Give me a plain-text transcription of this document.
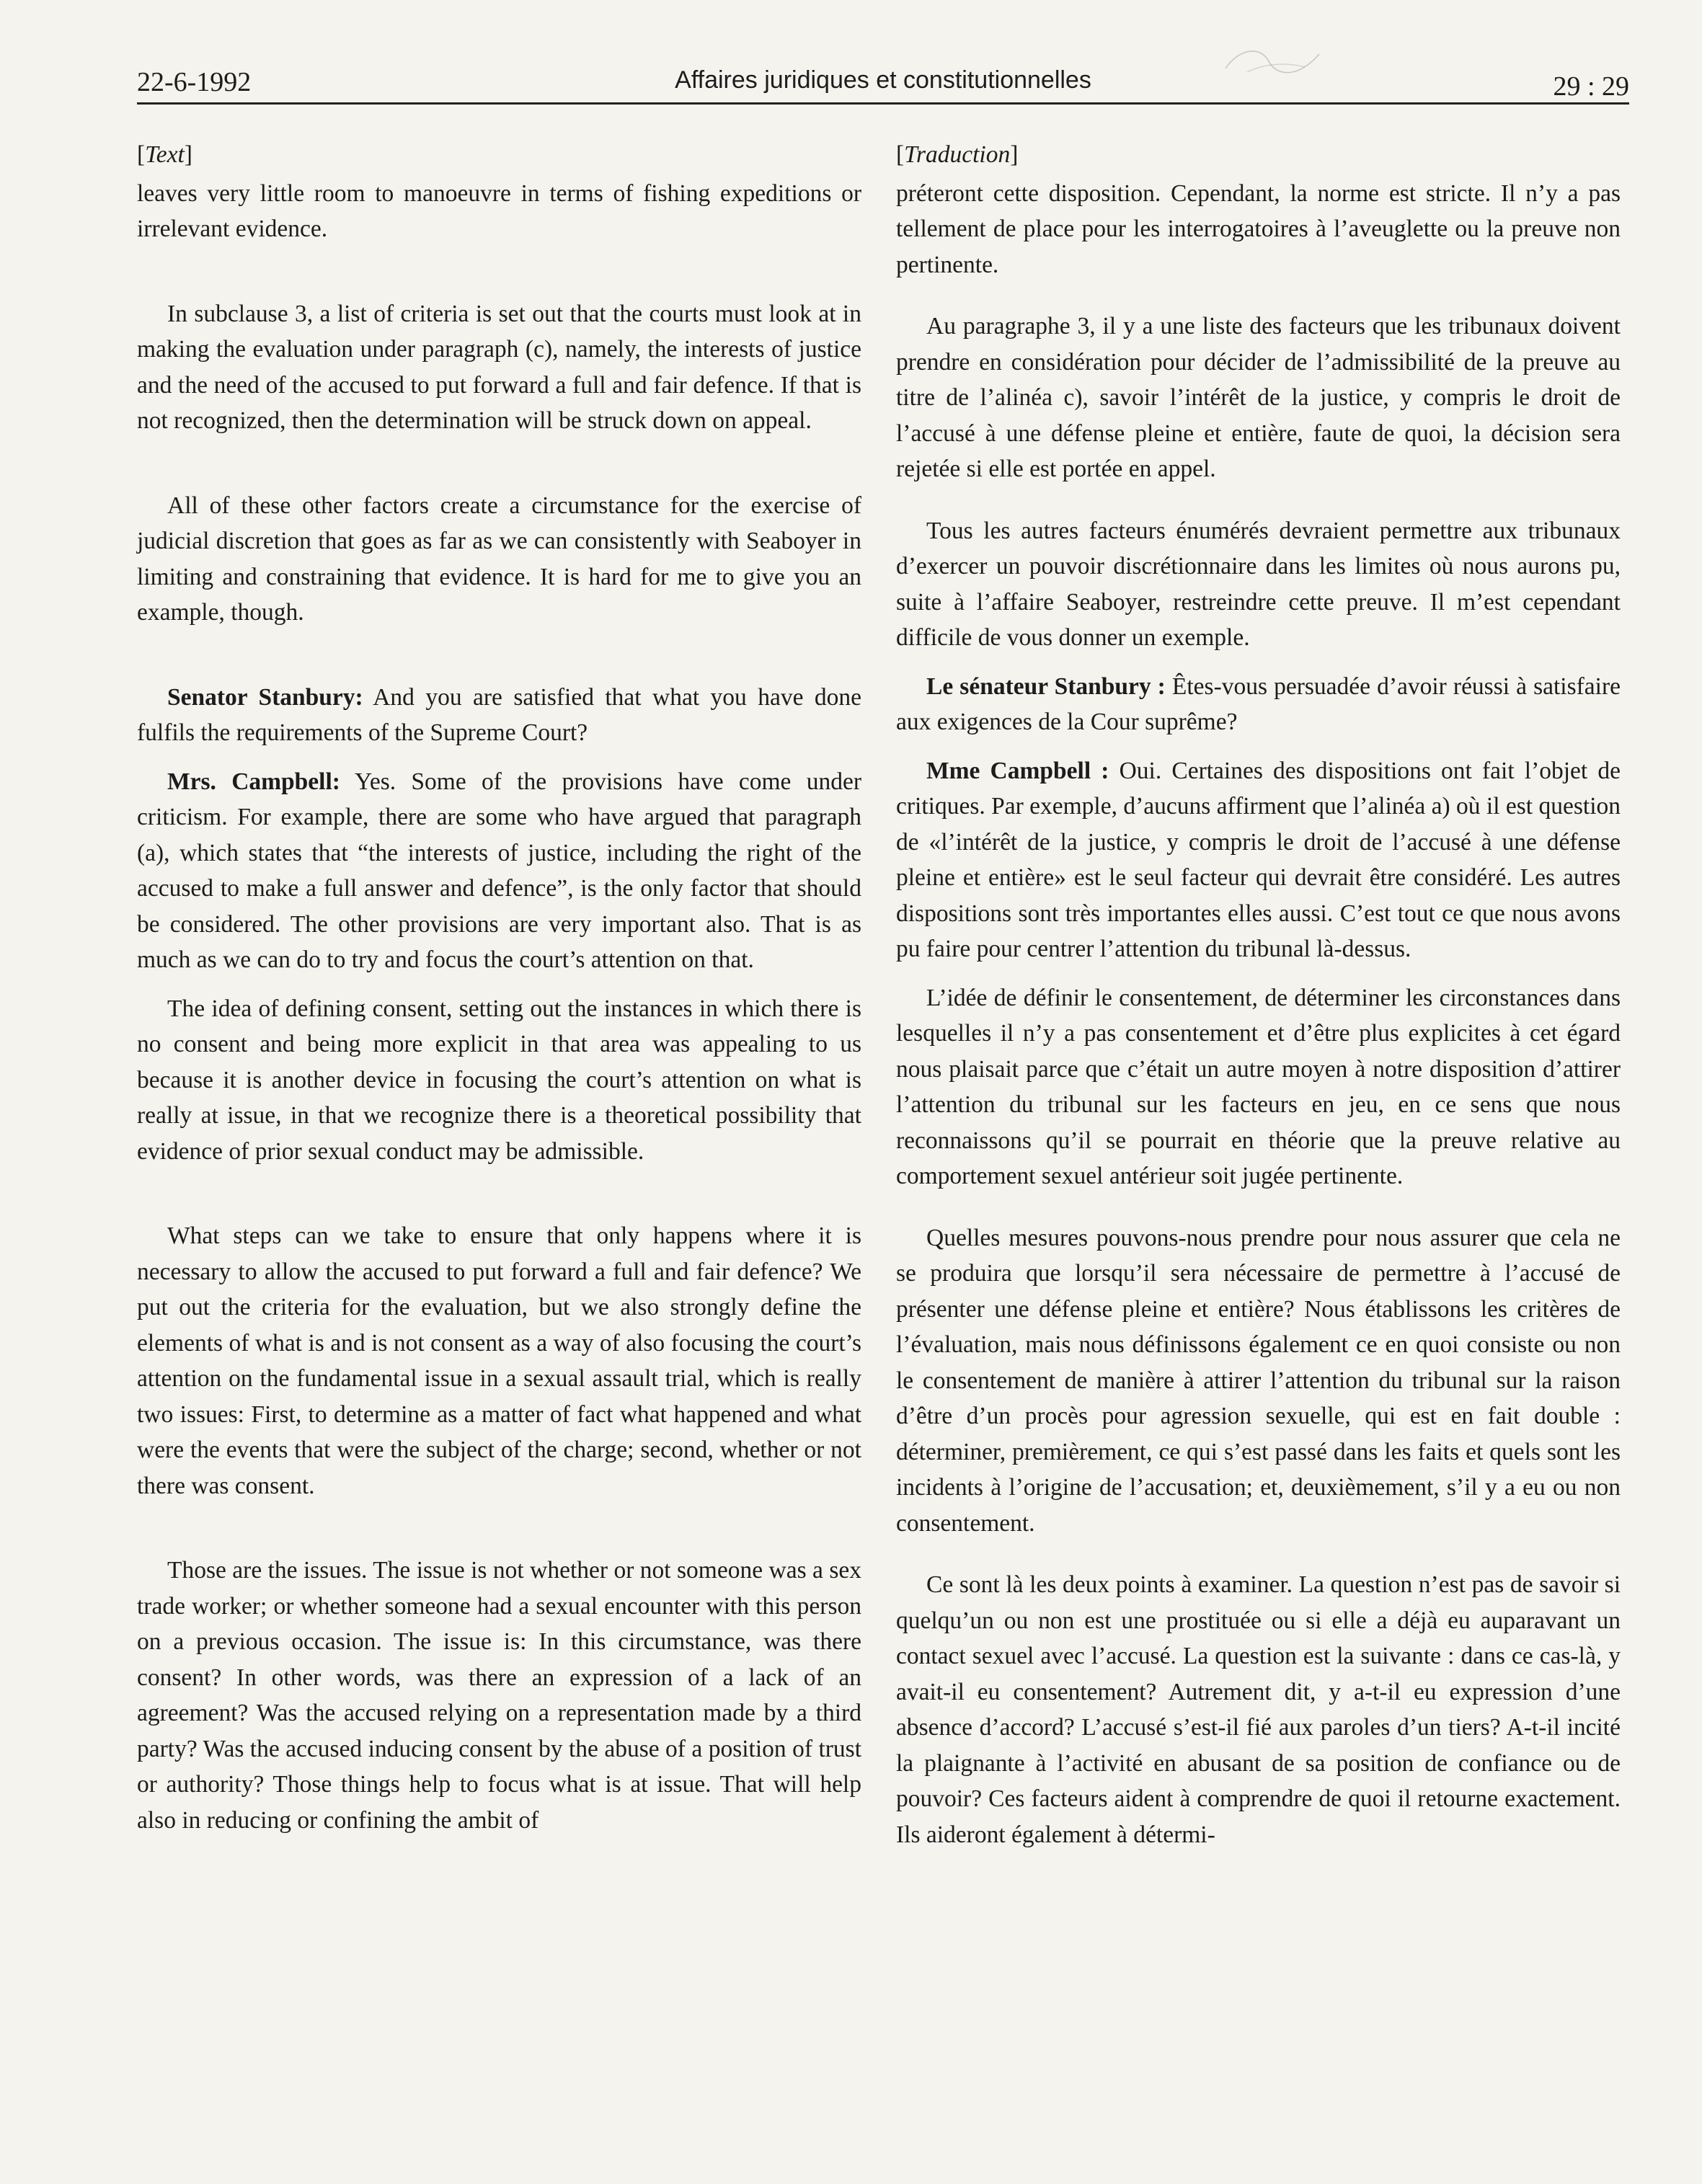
22-6-1992	Affaires juridiques et constitutionnelles	29 : 29
[Text]

leaves very little room to manoeuvre in terms of fishing expeditions or irrelevant evidence.

In subclause 3, a list of criteria is set out that the courts must look at in making the evaluation under paragraph (c), namely, the interests of justice and the need of the accused to put forward a full and fair defence. If that is not recognized, then the determination will be struck down on appeal.

All of these other factors create a circumstance for the exercise of judicial discretion that goes as far as we can consistently with Seaboyer in limiting and constraining that evidence. It is hard for me to give you an example, though.

Senator Stanbury: And you are satisfied that what you have done fulfils the requirements of the Supreme Court?

Mrs. Campbell: Yes. Some of the provisions have come under criticism. For example, there are some who have argued that paragraph (a), which states that “the interests of justice, including the right of the accused to make a full answer and defence”, is the only factor that should be considered. The other provisions are very important also. That is as much as we can do to try and focus the court’s attention on that.

The idea of defining consent, setting out the instances in which there is no consent and being more explicit in that area was appealing to us because it is another device in focusing the court’s attention on what is really at issue, in that we recognize there is a theoretical possibility that evidence of prior sexual conduct may be admissible.

What steps can we take to ensure that only happens where it is necessary to allow the accused to put forward a full and fair defence? We put out the criteria for the evaluation, but we also strongly define the elements of what is and is not consent as a way of also focusing the court’s attention on the fundamental issue in a sexual assault trial, which is really two issues: First, to determine as a matter of fact what happened and what were the events that were the subject of the charge; second, whether or not there was consent.

Those are the issues. The issue is not whether or not someone was a sex trade worker; or whether someone had a sexual encounter with this person on a previous occasion. The issue is: In this circumstance, was there consent? In other words, was there an expression of a lack of an agreement? Was the accused relying on a representation made by a third party? Was the accused inducing consent by the abuse of a position of trust or authority? Those things help to focus what is at issue. That will help also in reducing or confining the ambit of

[Traduction]

préteront cette disposition. Cependant, la norme est stricte. Il n’y a pas tellement de place pour les interrogatoires à l’aveuglette ou la preuve non pertinente.

Au paragraphe 3, il y a une liste des facteurs que les tribunaux doivent prendre en considération pour décider de l’admissibilité de la preuve au titre de l’alinéa c), savoir l’intérêt de la justice, y compris le droit de l’accusé à une défense pleine et entière, faute de quoi, la décision sera rejetée si elle est portée en appel.

Tous les autres facteurs énumérés devraient permettre aux tribunaux d’exercer un pouvoir discrétionnaire dans les limites où nous aurons pu, suite à l’affaire Seaboyer, restreindre cette preuve. Il m’est cependant difficile de vous donner un exemple.

Le sénateur Stanbury : Êtes-vous persuadée d’avoir réussi à satisfaire aux exigences de la Cour suprême?

Mme Campbell : Oui. Certaines des dispositions ont fait l’objet de critiques. Par exemple, d’aucuns affirment que l’alinéa a) où il est question de «l’intérêt de la justice, y compris le droit de l’accusé à une défense pleine et entière» est le seul facteur qui devrait être considéré. Les autres dispositions sont très importantes elles aussi. C’est tout ce que nous avons pu faire pour centrer l’attention du tribunal là-dessus.

L’idée de définir le consentement, de déterminer les circonstances dans lesquelles il n’y a pas consentement et d’être plus explicites à cet égard nous plaisait parce que c’était un autre moyen à notre disposition d’attirer l’attention du tribunal sur les facteurs en jeu, en ce sens que nous reconnaissons qu’il se pourrait en théorie que la preuve relative au comportement sexuel antérieur soit jugée pertinente.

Quelles mesures pouvons-nous prendre pour nous assurer que cela ne se produira que lorsqu’il sera nécessaire de permettre à l’accusé de présenter une défense pleine et entière? Nous établissons les critères de l’évaluation, mais nous définissons également ce en quoi consiste ou non le consentement de manière à attirer l’attention du tribunal sur la raison d’être d’un procès pour agression sexuelle, qui est en fait double : déterminer, premièrement, ce qui s’est passé dans les faits et quels sont les incidents à l’origine de l’accusation; et, deuxièmement, s’il y a eu ou non consentement.

Ce sont là les deux points à examiner. La question n’est pas de savoir si quelqu’un ou non est une prostituée ou si elle a déjà eu auparavant un contact sexuel avec l’accusé. La question est la suivante : dans ce cas-là, y avait-il eu consentement? Autrement dit, y a-t-il eu expression d’une absence d’accord? L’accusé s’est-il fié aux paroles d’un tiers? A-t-il incité la plaignante à l’activité en abusant de sa position de confiance ou de pouvoir? Ces facteurs aident à comprendre de quoi il retourne exactement. Ils aideront également à détermi-
